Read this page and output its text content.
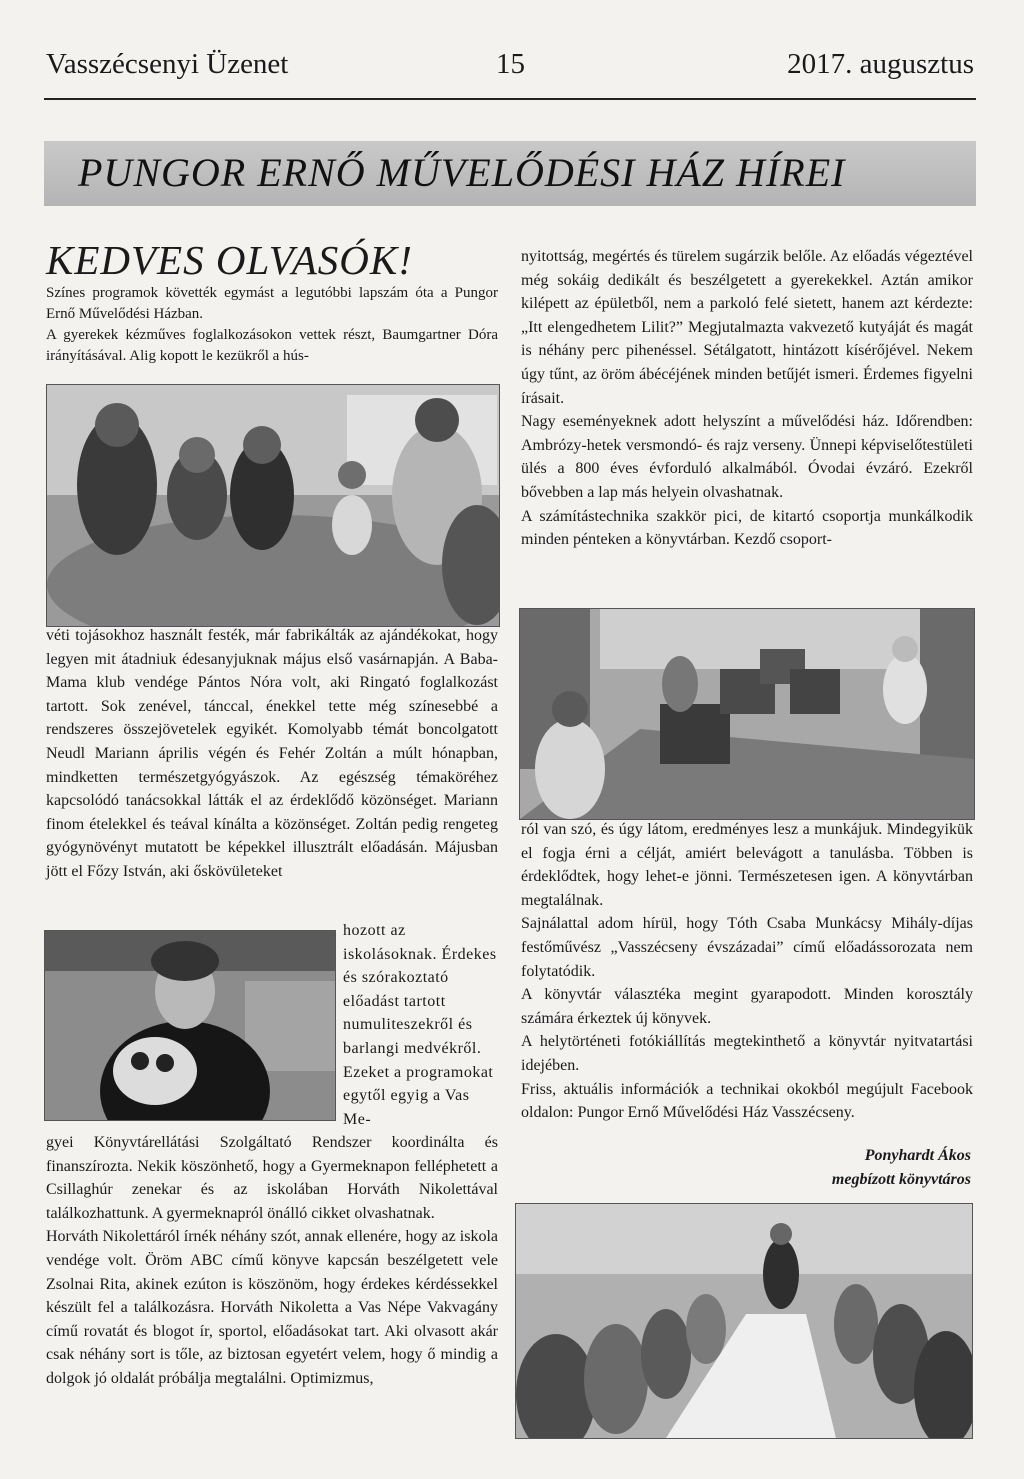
Vasszécsenyi Üzenet	15	2017. augusztus
PUNGOR ERNŐ MŰVELŐDÉSI HÁZ HÍREI
KEDVES OLVASÓK!

Színes programok követték egymást a legutóbbi lapszám óta a Pungor Ernő Művelődési Házban.

A gyerekek kézműves foglalkozásokon vettek részt, Baumgartner Dóra irányításával. Alig kopott le kezükről a hús-

véti tojásokhoz használt festék, már fabrikálták az ajándékokat, hogy legyen mit átadniuk édesanyjuknak május első vasárnapján. A Baba-Mama klub vendége Pántos Nóra volt, aki Ringató foglalkozást tartott. Sok zenével, tánccal, énekkel tette még színesebbé a rendszeres összejövetelek egyikét. Komolyabb témát boncolgatott Neudl Mariann április végén és Fehér Zoltán a múlt hónapban, mindketten természetgyógyászok. Az egészség témaköréhez kapcsolódó tanácsokkal látták el az érdeklődő közönséget. Mariann finom ételekkel és teával kínálta a közönséget. Zoltán pedig rengeteg gyógynövényt mutatott be képekkel illusztrált előadásán. Májusban jött el Főzy István, aki őskövületeket
hozott az iskolásoknak. Érdekes és szórakoztató előadást tartott numuliteszekről és barlangi medvékről. Ezeket a programokat egytől egyig a Vas Me-

gyei Könyvtárellátási Szolgáltató Rendszer koordinálta és finanszírozta. Nekik köszönhető, hogy a Gyermeknapon felléphetett a Csillaghúr zenekar és az iskolában Horváth Nikolettával találkozhattunk. A gyermeknapról önálló cikket olvashatnak.

Horváth Nikolettáról írnék néhány szót, annak ellenére, hogy az iskola vendége volt. Öröm ABC című könyve kapcsán beszélgetett vele Zsolnai Rita, akinek ezúton is köszönöm, hogy érdekes kérdéssekkel készült fel a találkozásra. Horváth Nikoletta a Vas Népe Vakvagány című rovatát és blogot ír, sportol, előadásokat tart. Aki olvasott akár csak néhány sort is tőle, az biztosan egyetért velem, hogy ő mindig a dolgok jó oldalát próbálja megtalálni. Optimizmus,

nyitottság, megértés és türelem sugárzik belőle. Az előadás végeztével még sokáig dedikált és beszélgetett a gyerekekkel. Aztán amikor kilépett az épületből, nem a parkoló felé sietett, hanem azt kérdezte: „Itt elengedhetem Lilit?” Megjutalmazta vakvezető kutyáját és magát is néhány perc pihenéssel. Sétálgatott, hintázott kísérőjével. Nekem úgy tűnt, az öröm ábécéjének minden betűjét ismeri. Érdemes figyelni írásait.

Nagy eseményeknek adott helyszínt a művelődési ház. Időrendben: Ambrózy-hetek versmondó- és rajz verseny. Ünnepi képviselőtestületi ülés a 800 éves évforduló alkalmából. Óvodai évzáró. Ezekről bővebben a lap más helyein olvashatnak.

A számítástechnika szakkör pici, de kitartó csoportja munkálkodik minden pénteken a könyvtárban. Kezdő csoport-

ról van szó, és úgy látom, eredményes lesz a munkájuk. Mindegyikük el fogja érni a célját, amiért belevágott a tanulásba. Többen is érdeklődtek, hogy lehet-e jönni. Természetesen igen. A könyvtárban megtalálnak.

Sajnálattal adom hírül, hogy Tóth Csaba Munkácsy Mihály-díjas festőművész „Vasszécseny évszázadai” című előadássorozata nem folytatódik.

A könyvtár választéka megint gyarapodott. Minden korosztály számára érkeztek új könyvek.

A helytörténeti fotókiállítás megtekinthető a könyvtár nyitvatartási idejében.

Friss, aktuális információk a technikai okokból megújult Facebook oldalon: Pungor Ernő Művelődési Ház Vasszécseny.

Ponyhardt Ákos
megbízott könyvtáros
